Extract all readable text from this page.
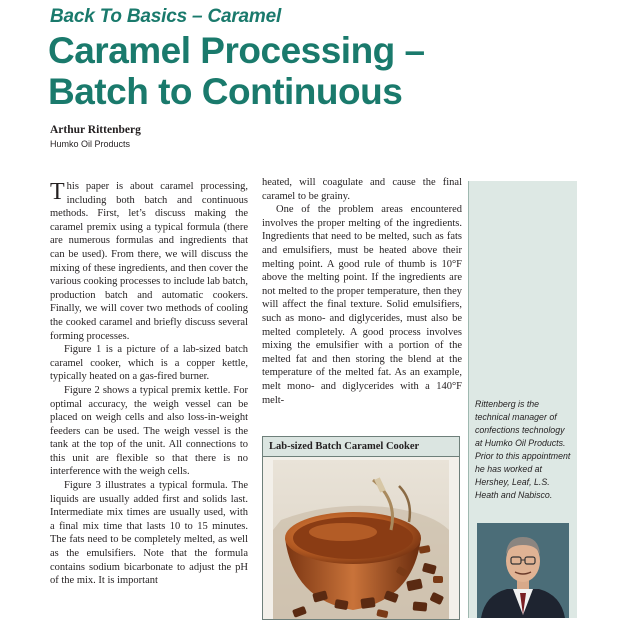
Back To Basics – Caramel
Caramel Processing –
Batch to Continuous
Arthur Rittenberg
Humko Oil Products

This paper is about caramel processing, including both batch and continuous methods. First, let’s discuss making the caramel premix using a typical formula (there are numerous formulas and ingredients that can be used). From there, we will discuss the mixing of these ingredients, and then cover the various cooking processes to include lab batch, production batch and automatic cookers. Finally, we will cover two methods of cooling the cooked caramel and briefly discuss several forming processes.

Figure 1 is a picture of a lab-sized batch caramel cooker, which is a copper kettle, typically heated on a gas-fired burner.

Figure 2 shows a typical premix kettle. For optimal accuracy, the weigh vessel can be placed on weigh cells and also loss-in-weight feeders can be used. The weigh vessel is the tank at the top of the unit. All connections to this unit are flexible so that there is no interference with the weigh cells.

Figure 3 illustrates a typical formula. The liquids are usually added first and solids last. Intermediate mix times are usually used, with a final mix time that lasts 10 to 15 minutes. The fats need to be completely melted, as well as the emulsifiers. Note that the formula contains sodium bicarbonate to adjust the pH of the mix. It is important

heated, will coagulate and cause the final caramel to be grainy.

One of the problem areas encountered involves the proper melting of the ingredients. Ingredients that need to be melted, such as fats and emulsifiers, must be heated above their melting point. A good rule of thumb is 10°F above the melting point. If the ingredients are not melted to the proper temperature, then they will affect the final texture. Solid emulsifiers, such as mono- and diglycerides, must also be melted completely. A good process involves mixing the emulsifier with a portion of the melted fat and then storing the blend at the temperature of the melted fat. As an example, melt mono- and diglycerides with a 140°F melt-

Lab-sized Batch Caramel Cooker
Rittenberg is the technical manager of confections technology at Humko Oil Products. Prior to this appointment he has worked at Hershey, Leaf, L.S. Heath and Nabisco.
